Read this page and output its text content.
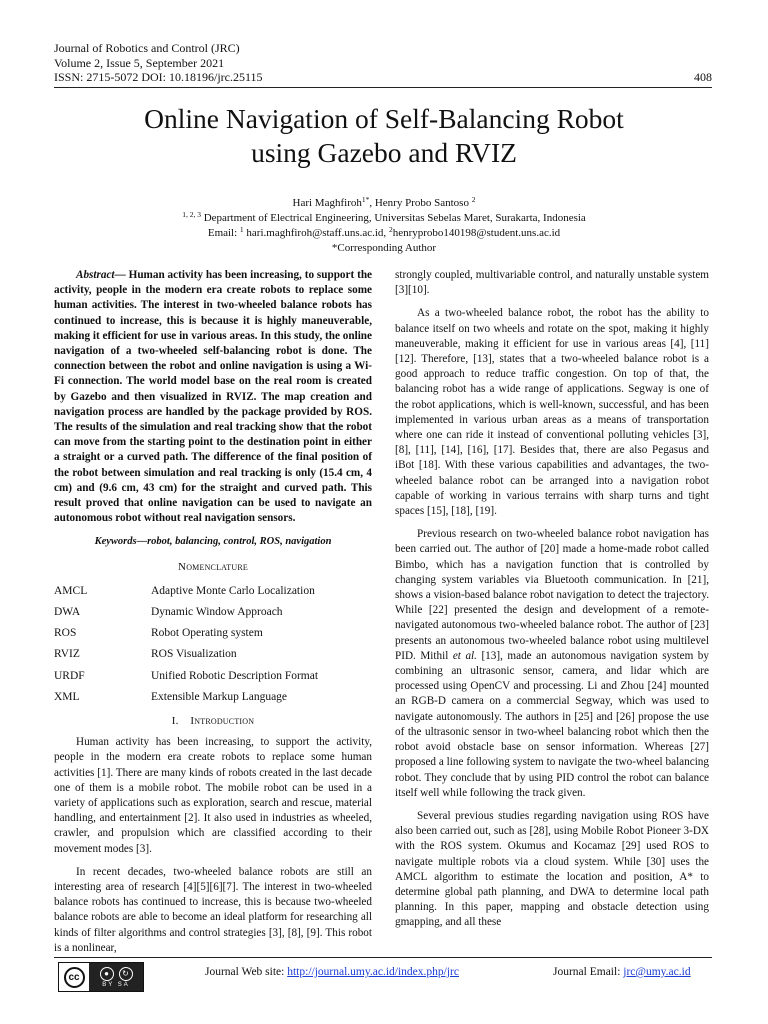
Journal of Robotics and Control (JRC)
Volume 2, Issue 5, September 2021
ISSN: 2715-5072 DOI: 10.18196/jrc.25115	408
Online Navigation of Self-Balancing Robot
using Gazebo and RVIZ
Hari Maghfiroh$^{1*}$, Henry Probo Santoso $^2$
$^{1, 2, 3}$ Department of Electrical Engineering, Universitas Sebelas Maret, Surakarta, Indonesia
Email: $^1$ hari.maghfiroh@staff.uns.ac.id, $^2$henryprobo140198@student.uns.ac.id
*Corresponding Author
Abstract— Human activity has been increasing, to support the activity, people in the modern era create robots to replace some human activities. The interest in two-wheeled balance robots has continued to increase, this is because it is highly maneuverable, making it efficient for use in various areas. In this study, the online navigation of a two-wheeled self-balancing robot is done. The connection between the robot and online navigation is using a Wi-Fi connection. The world model base on the real room is created by Gazebo and then visualized in RVIZ. The map creation and navigation process are handled by the package provided by ROS. The results of the simulation and real tracking show that the robot can move from the starting point to the destination point in either a straight or a curved path. The difference of the final position of the robot between simulation and real tracking is only (15.4 cm, 4 cm) and (9.6 cm, 43 cm) for the straight and curved path. This result proved that online navigation can be used to navigate an autonomous robot without real navigation sensors.
Keywords—robot, balancing, control, ROS, navigation
Nomenclature
AMCL	Adaptive Monte Carlo Localization
DWA	Dynamic Window Approach
ROS	Robot Operating system
RVIZ	ROS Visualization
URDF	Unified Robotic Description Format
XML	Extensible Markup Language
I. Introduction

Human activity has been increasing, to support the activity, people in the modern era create robots to replace some human activities [1]. There are many kinds of robots created in the last decade one of them is a mobile robot. The mobile robot can be used in a variety of applications such as exploration, search and rescue, material handling, and entertainment [2]. It also used in industries as wheeled, crawler, and propulsion which are classified according to their movement modes [3].

In recent decades, two-wheeled balance robots are still an interesting area of research [4][5][6][7]. The interest in two-wheeled balance robots has continued to increase, this is because two-wheeled balance robots are able to become an ideal platform for researching all kinds of filter algorithms and control strategies [3], [8], [9]. This robot is a nonlinear,

strongly coupled, multivariable control, and naturally unstable system [3][10].

As a two-wheeled balance robot, the robot has the ability to balance itself on two wheels and rotate on the spot, making it highly maneuverable, making it efficient for use in various areas [4], [11][12]. Therefore, [13], states that a two-wheeled balance robot is a good approach to reduce traffic congestion. On top of that, the balancing robot has a wide range of applications. Segway is one of the robot applications, which is well-known, successful, and has been implemented in various urban areas as a means of transportation where one can ride it instead of conventional polluting vehicles [3], [8], [11], [14], [16], [17]. Besides that, there are also Pegasus and iBot [18]. With these various capabilities and advantages, the two-wheeled balance robot can be arranged into a navigation robot capable of working in various terrains with sharp turns and tight spaces [15], [18], [19].

Previous research on two-wheeled balance robot navigation has been carried out. The author of [20] made a home-made robot called Bimbo, which has a navigation function that is controlled by changing system variables via Bluetooth communication. In [21], shows a vision-based balance robot navigation to detect the trajectory. While [22] presented the design and development of a remote-navigated autonomous two-wheeled balance robot. The author of [23] presents an autonomous two-wheeled balance robot using multilevel PID. Mithil et al. [13], made an autonomous navigation system by combining an ultrasonic sensor, camera, and lidar which are processed using OpenCV and processing. Li and Zhou [24] mounted an RGB-D camera on a commercial Segway, which was used to navigate autonomously. The authors in [25] and [26] propose the use of the ultrasonic sensor in two-wheel balancing robot which then the robot avoid obstacle base on sensor information. Whereas [27] proposed a line following system to navigate the two-wheel balancing robot. They conclude that by using PID control the robot can balance itself well while following the track given.

Several previous studies regarding navigation using ROS have also been carried out, such as [28], using Mobile Robot Pioneer 3-DX with the ROS system. Okumus and Kocamaz [29] used ROS to navigate multiple robots via a cloud system. While [30] uses the AMCL algorithm to estimate the location and position, A* to determine global path planning, and DWA to determine local path planning. In this paper, mapping and obstacle detection using gmapping, and all these

cc	●	↻
BY SA
Journal Web site: http://journal.umy.ac.id/index.php/jrc	Journal Email: jrc@umy.ac.id
